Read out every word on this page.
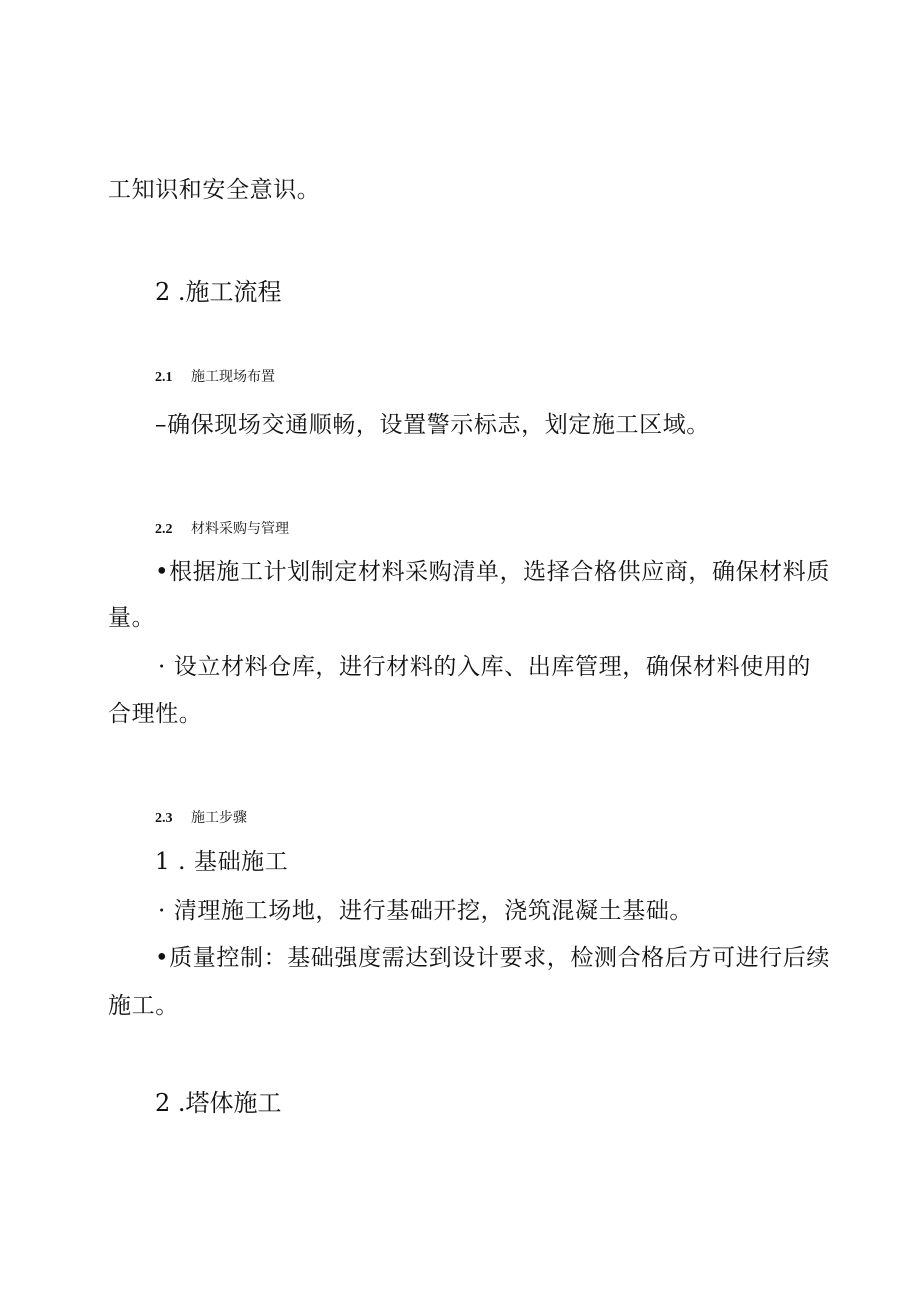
工知识和安全意识。
2 .施工流程
2.1 施工现场布置
–确保现场交通顺畅，设置警示标志，划定施工区域。
2.2 材料采购与管理
•根据施工计划制定材料采购清单，选择合格供应商，确保材料质
量。
· 设立材料仓库，进行材料的入库、出库管理，确保材料使用的
合理性。
2.3 施工步骤
1 . 基础施工
· 清理施工场地，进行基础开挖，浇筑混凝土基础。
•质量控制：基础强度需达到设计要求，检测合格后方可进行后续
施工。
2 .塔体施工
